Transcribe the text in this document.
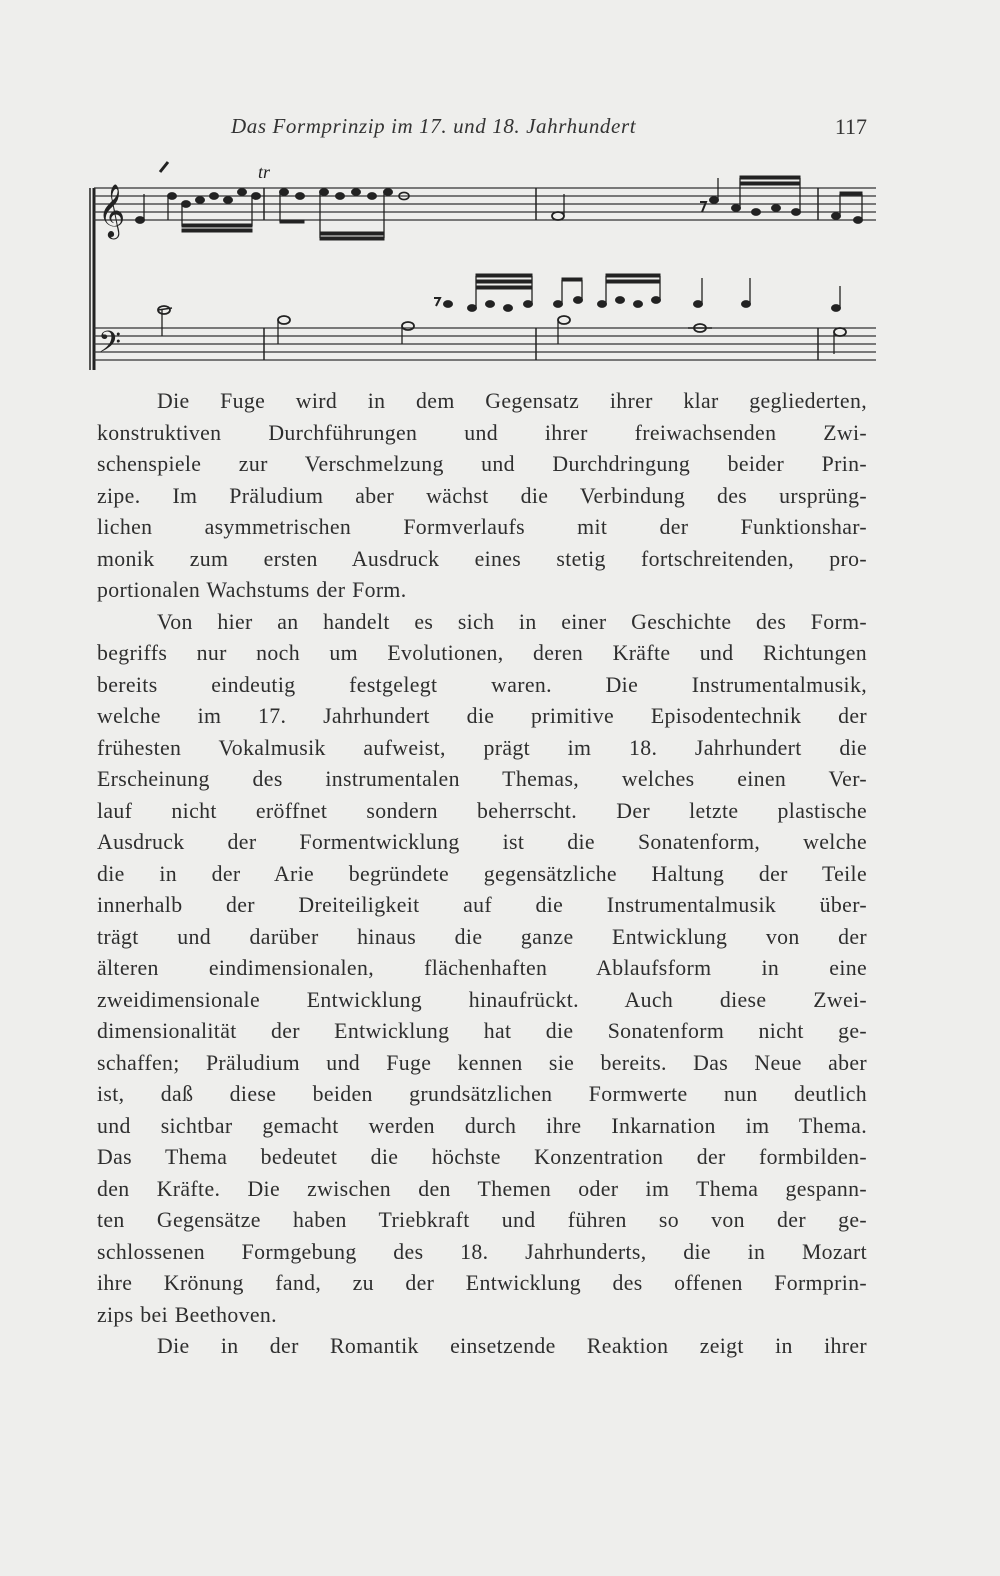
Das Formprinzip im 17. und 18. Jahrhundert	117
𝄞
𝄢
tr

Die Fuge wird in dem Gegensatz ihrer klar gegliederten,
konstruktiven Durchführungen und ihrer freiwachsenden Zwi-
schenspiele zur Verschmelzung und Durchdringung beider Prin-
zipe. Im Präludium aber wächst die Verbindung des ursprüng-
lichen asymmetrischen Formverlaufs mit der Funktionshar-
monik zum ersten Ausdruck eines stetig fortschreitenden, pro-
portionalen Wachstums der Form.

Von hier an handelt es sich in einer Geschichte des Form-
begriffs nur noch um Evolutionen, deren Kräfte und Richtungen
bereits eindeutig festgelegt waren. Die Instrumentalmusik,
welche im 17. Jahrhundert die primitive Episodentechnik der
frühesten Vokalmusik aufweist, prägt im 18. Jahrhundert die
Erscheinung des instrumentalen Themas, welches einen Ver-
lauf nicht eröffnet sondern beherrscht. Der letzte plastische
Ausdruck der Formentwicklung ist die Sonatenform, welche
die in der Arie begründete gegensätzliche Haltung der Teile
innerhalb der Dreiteiligkeit auf die Instrumentalmusik über-
trägt und darüber hinaus die ganze Entwicklung von der
älteren eindimensionalen, flächenhaften Ablaufsform in eine
zweidimensionale Entwicklung hinaufrückt. Auch diese Zwei-
dimensionalität der Entwicklung hat die Sonatenform nicht ge-
schaffen; Präludium und Fuge kennen sie bereits. Das Neue aber
ist, daß diese beiden grundsätzlichen Formwerte nun deutlich
und sichtbar gemacht werden durch ihre Inkarnation im Thema.
Das Thema bedeutet die höchste Konzentration der formbilden-
den Kräfte. Die zwischen den Themen oder im Thema gespann-
ten Gegensätze haben Triebkraft und führen so von der ge-
schlossenen Formgebung des 18. Jahrhunderts, die in Mozart
ihre Krönung fand, zu der Entwicklung des offenen Formprin-
zips bei Beethoven.

Die in der Romantik einsetzende Reaktion zeigt in ihrer
